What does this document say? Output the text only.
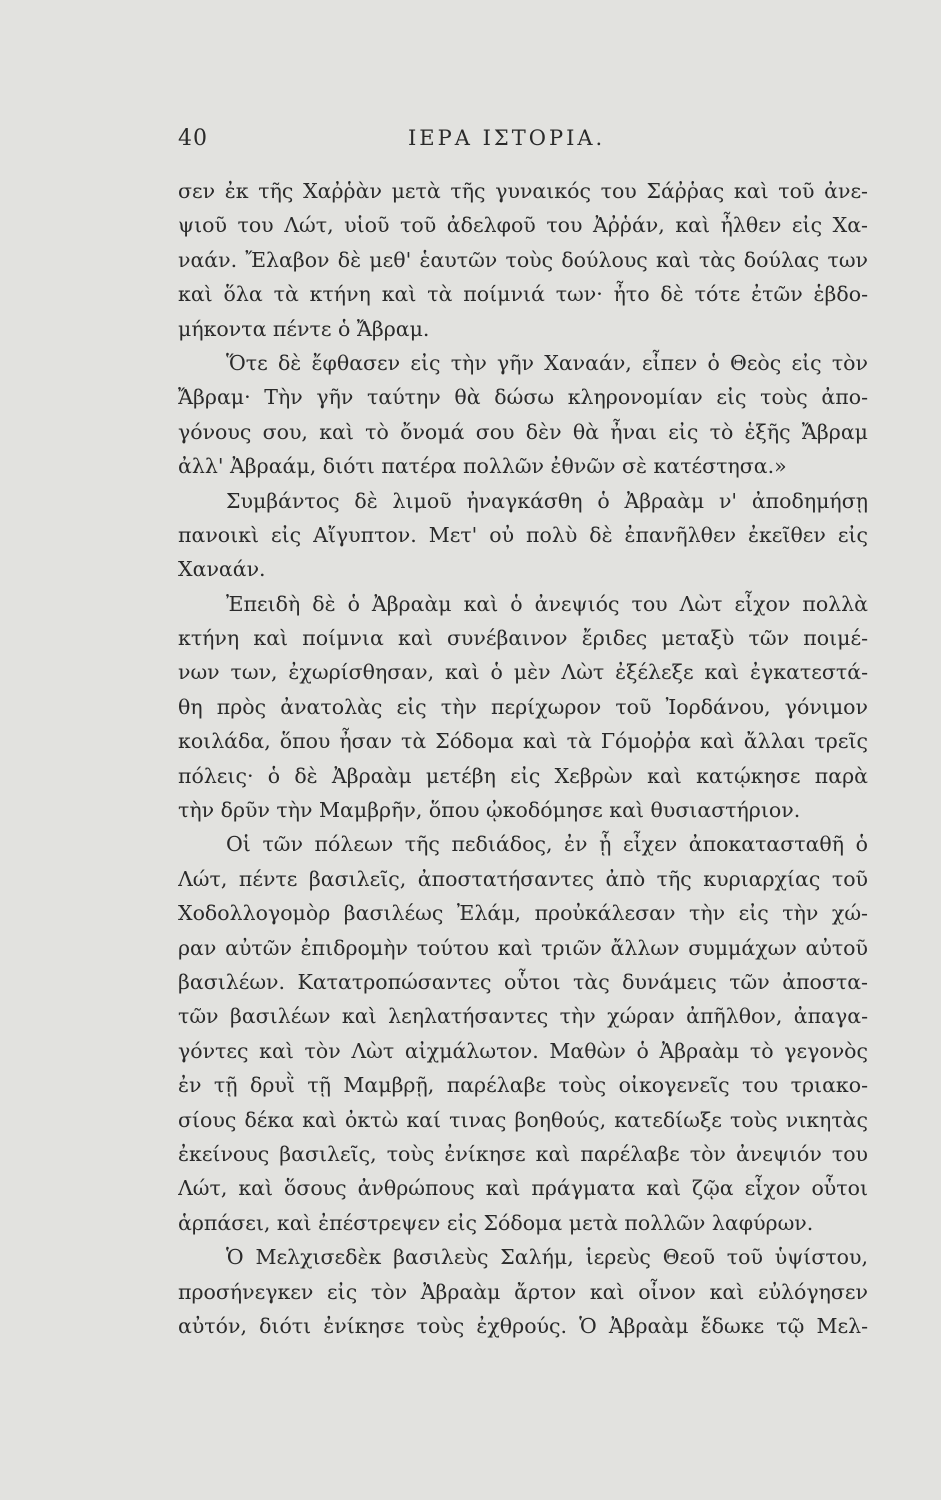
40	ΙΕΡΑ ΙΣΤΟΡΙΑ.
σεν ἐκ τῆς Χαῤῥὰν μετὰ τῆς γυναικός του Σάῤῥας καὶ τοῦ ἀνε-
ψιοῦ του Λώτ, υἱοῦ τοῦ ἀδελφοῦ του Ἀῤῥάν, καὶ ἦλθεν εἰς Χα-
ναάν. Ἔλαβον δὲ μεθ' ἑαυτῶν τοὺς δούλους καὶ τὰς δούλας των
καὶ ὅλα τὰ κτήνη καὶ τὰ ποίμνιά των· ἦτο δὲ τότε ἐτῶν ἑβδο-
μήκοντα πέντε ὁ Ἄβραμ.
Ὅτε δὲ ἔφθασεν εἰς τὴν γῆν Χαναάν, εἶπεν ὁ Θεὸς εἰς τὸν
Ἄβραμ· Τὴν γῆν ταύτην θὰ δώσω κληρονομίαν εἰς τοὺς ἀπο-
γόνους σου, καὶ τὸ ὄνομά σου δὲν θὰ ἦναι εἰς τὸ ἑξῆς Ἄβραμ
ἀλλ' Ἀβραάμ, διότι πατέρα πολλῶν ἐθνῶν σὲ κατέστησα.»
Συμβάντος δὲ λιμοῦ ἠναγκάσθη ὁ Ἀβραὰμ ν' ἀποδημήσῃ
πανοικὶ εἰς Αἴγυπτον. Μετ' οὐ πολὺ δὲ ἐπανῆλθεν ἐκεῖθεν εἰς
Χαναάν.
Ἐπειδὴ δὲ ὁ Ἀβραὰμ καὶ ὁ ἀνεψιός του Λὼτ εἶχον πολλὰ
κτήνη καὶ ποίμνια καὶ συνέβαινον ἔριδες μεταξὺ τῶν ποιμέ-
νων των, ἐχωρίσθησαν, καὶ ὁ μὲν Λὼτ ἐξέλεξε καὶ ἐγκατεστά-
θη πρὸς ἀνατολὰς εἰς τὴν περίχωρον τοῦ Ἰορδάνου, γόνιμον
κοιλάδα, ὅπου ἦσαν τὰ Σόδομα καὶ τὰ Γόμοῤῥα καὶ ἄλλαι τρεῖς
πόλεις· ὁ δὲ Ἀβραὰμ μετέβη εἰς Χεβρὼν καὶ κατῴκησε παρὰ
τὴν δρῦν τὴν Μαμβρῆν, ὅπου ᾠκοδόμησε καὶ θυσιαστήριον.
Οἱ τῶν πόλεων τῆς πεδιάδος, ἐν ᾗ εἶχεν ἀποκατασταθῆ ὁ
Λώτ, πέντε βασιλεῖς, ἀποστατήσαντες ἀπὸ τῆς κυριαρχίας τοῦ
Χοδολλογομὸρ βασιλέως Ἐλάμ, προὐκάλεσαν τὴν εἰς τὴν χώ-
ραν αὐτῶν ἐπιδρομὴν τούτου καὶ τριῶν ἄλλων συμμάχων αὐτοῦ
βασιλέων. Κατατροπώσαντες οὗτοι τὰς δυνάμεις τῶν ἀποστα-
τῶν βασιλέων καὶ λεηλατήσαντες τὴν χώραν ἀπῆλθον, ἀπαγα-
γόντες καὶ τὸν Λὼτ αἰχμάλωτον. Μαθὼν ὁ Ἀβραὰμ τὸ γεγονὸς
ἐν τῇ δρυῒ τῇ Μαμβρῇ, παρέλαβε τοὺς οἰκογενεῖς του τριακο-
σίους δέκα καὶ ὀκτὼ καί τινας βοηθούς, κατεδίωξε τοὺς νικητὰς
ἐκείνους βασιλεῖς, τοὺς ἐνίκησε καὶ παρέλαβε τὸν ἀνεψιόν του
Λώτ, καὶ ὅσους ἀνθρώπους καὶ πράγματα καὶ ζῷα εἶχον οὗτοι
ἁρπάσει, καὶ ἐπέστρεψεν εἰς Σόδομα μετὰ πολλῶν λαφύρων.
Ὁ Μελχισεδὲκ βασιλεὺς Σαλήμ, ἱερεὺς Θεοῦ τοῦ ὑψίστου,
προσήνεγκεν εἰς τὸν Ἀβραὰμ ἄρτον καὶ οἶνον καὶ εὐλόγησεν
αὐτόν, διότι ἐνίκησε τοὺς ἐχθρούς. Ὁ Ἀβραὰμ ἔδωκε τῷ Μελ-
